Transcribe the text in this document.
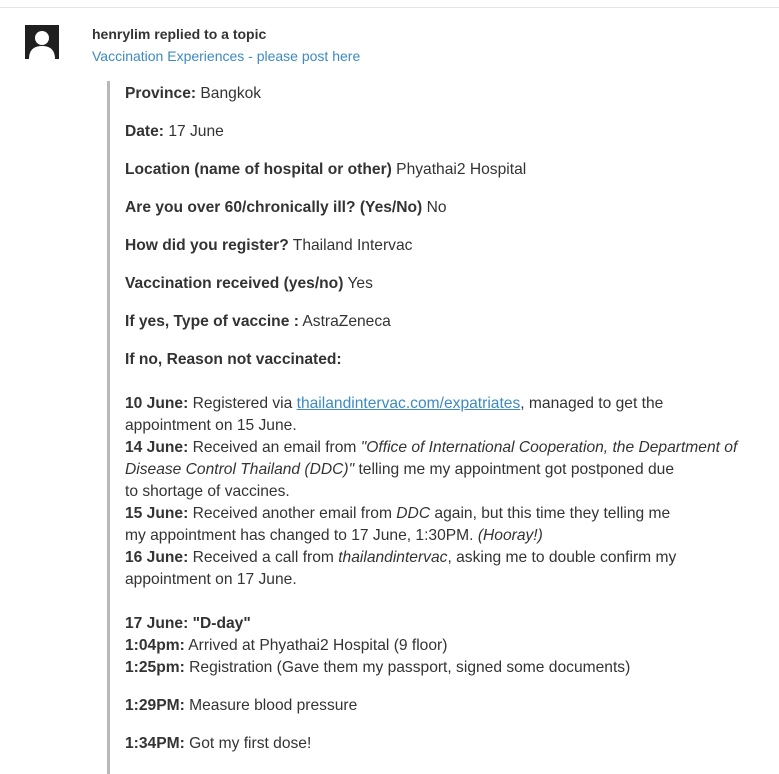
henrylim replied to a topic
Vaccination Experiences - please post here

Province: Bangkok

Date: 17 June

Location (name of hospital or other) Phyathai2 Hospital

Are you over 60/chronically ill? (Yes/No) No

How did you register? Thailand Intervac

Vaccination received (yes/no) Yes

If yes, Type of vaccine : AstraZeneca

If no, Reason not vaccinated:

10 June: Registered via thailandintervac.com/expatriates, managed to get the

appointment on 15 June.

14 June: Received an email from "Office of International Cooperation, the Department of

Disease Control Thailand (DDC)" telling me my appointment got postponed due

to shortage of vaccines.

15 June: Received another email from DDC again, but this time they telling me

my appointment has changed to 17 June, 1:30PM. (Hooray!)

16 June: Received a call from thailandintervac, asking me to double confirm my

appointment on 17 June.

17 June: "D-day"

1:04pm: Arrived at Phyathai2 Hospital (9 floor)

1:25pm: Registration (Gave them my passport, signed some documents)

1:29PM: Measure blood pressure

1:34PM: Got my first dose!
